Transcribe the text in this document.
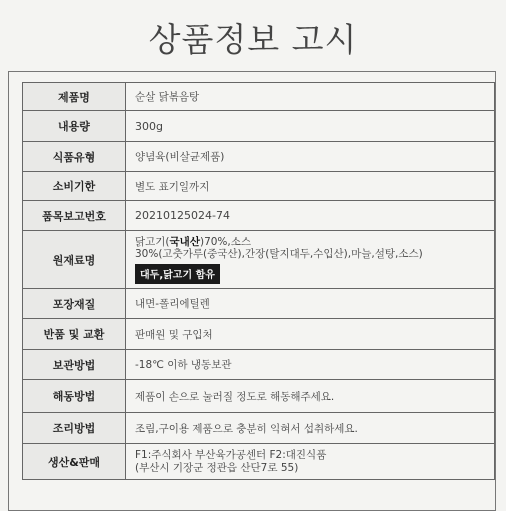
상품정보 고시
제품명	순살 닭볶음탕
내용량	300g
식품유형	양념육(비살균제품)
소비기한	별도 표기일까지
품목보고번호	20210125024-74
원재료명	닭고기(국내산)70%,소스
30%(고춧가루(중국산),간장(탈지대두,수입산),마늘,설탕,소스)
대두,닭고기 함유
포장재질	내면-폴리에틸렌
반품 및 교환	판매원 및 구입처
보관방법	-18℃ 이하 냉동보관
해동방법	제품이 손으로 눌러질 정도로 해동해주세요.
조리방법	조림,구이용 제품으로 충분히 익혀서 섭취하세요.
생산&판매	F1:주식회사 부산육가공센터 F2:대진식품
(부산시 기장군 정관읍 산단7로 55)
